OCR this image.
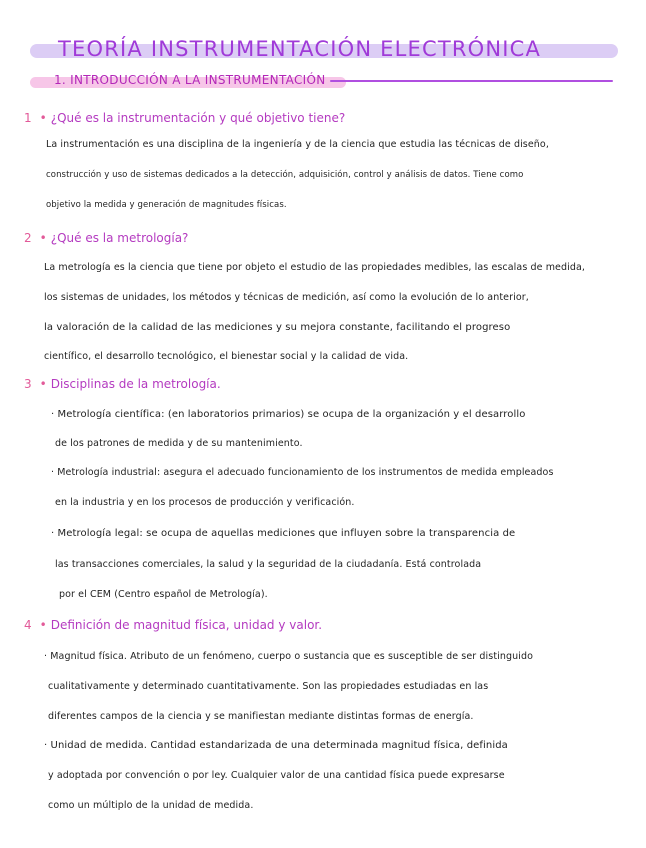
TEORÍA INSTRUMENTACIÓN ELECTRÓNICA
1. INTRODUCCIÓN A LA INSTRUMENTACIÓN
1 • ¿Qué es la instrumentación y qué objetivo tiene?
La instrumentación es una disciplina de la ingeniería y de la ciencia que estudia las técnicas de diseño,
construcción y uso de sistemas dedicados a la detección, adquisición, control y análisis de datos. Tiene como
objetivo la medida y generación de magnitudes físicas.
2 • ¿Qué es la metrología?
La metrología es la ciencia que tiene por objeto el estudio de las propiedades medibles, las escalas de medida,
los sistemas de unidades, los métodos y técnicas de medición, así como la evolución de lo anterior,
la valoración de la calidad de las mediciones y su mejora constante, facilitando el progreso
científico, el desarrollo tecnológico, el bienestar social y la calidad de vida.
3 • Disciplinas de la metrología.
· Metrología científica: (en laboratorios primarios) se ocupa de la organización y el desarrollo
de los patrones de medida y de su mantenimiento.
· Metrología industrial: asegura el adecuado funcionamiento de los instrumentos de medida empleados
en la industria y en los procesos de producción y verificación.
· Metrología legal: se ocupa de aquellas mediciones que influyen sobre la transparencia de
las transacciones comerciales, la salud y la seguridad de la ciudadanía. Está controlada
por el CEM (Centro español de Metrología).
4 • Definición de magnitud física, unidad y valor.
· Magnitud física. Atributo de un fenómeno, cuerpo o sustancia que es susceptible de ser distinguido
cualitativamente y determinado cuantitativamente. Son las propiedades estudiadas en las
diferentes campos de la ciencia y se manifiestan mediante distintas formas de energía.
· Unidad de medida. Cantidad estandarizada de una determinada magnitud física, definida
y adoptada por convención o por ley. Cualquier valor de una cantidad física puede expresarse
como un múltiplo de la unidad de medida.
